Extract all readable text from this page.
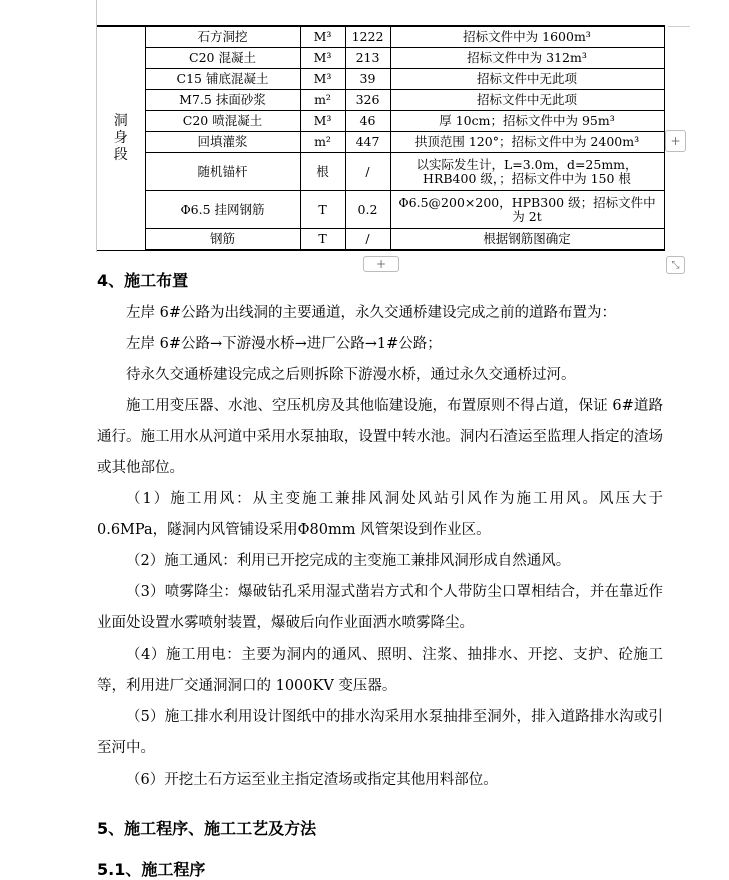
洞身段	石方洞挖	M³	1222	招标文件中为 1600m³
	C20 混凝土	M³	213	招标文件中为 312m³
	C15 铺底混凝土	M³	39	招标文件中无此项
	M7.5 抹面砂浆	m²	326	招标文件中无此项
	C20 喷混凝土	M³	46	厚 10cm；招标文件中为 95m³
	回填灌浆	m²	447	拱顶范围 120°；招标文件中为 2400m³
	随机锚杆	根	/	以实际发生计，L=3.0m，d=25mm，HRB400 级，；招标文件中为 150 根
	Φ6.5 挂网钢筋	T	0.2	Φ6.5@200×200，HPB300 级；招标文件中为 2t
	钢筋	T	/	根据钢筋图确定
+
+	⤡
4、施工布置

左岸 6#公路为出线洞的主要通道，永久交通桥建设完成之前的道路布置为：

左岸 6#公路→下游漫水桥→进厂公路→1#公路；

待永久交通桥建设完成之后则拆除下游漫水桥，通过永久交通桥过河。

施工用变压器、水池、空压机房及其他临建设施，布置原则不得占道，保证 6#道路通行。施工用水从河道中采用水泵抽取，设置中转水池。洞内石渣运至监理人指定的渣场或其他部位。

（1）施工用风：从主变施工兼排风洞处风站引风作为施工用风。风压大于 0.6MPa，隧洞内风管铺设采用Φ80mm 风管架设到作业区。

（2）施工通风：利用已开挖完成的主变施工兼排风洞形成自然通风。

（3）喷雾降尘：爆破钻孔采用湿式凿岩方式和个人带防尘口罩相结合，并在靠近作业面处设置水雾喷射装置，爆破后向作业面洒水喷雾降尘。

（4）施工用电：主要为洞内的通风、照明、注浆、抽排水、开挖、支护、砼施工等，利用进厂交通洞洞口的 1000KV 变压器。

（5）施工排水利用设计图纸中的排水沟采用水泵抽排至洞外，排入道路排水沟或引至河中。

（6）开挖土石方运至业主指定渣场或指定其他用料部位。

5、施工程序、施工工艺及方法
5.1、施工程序
